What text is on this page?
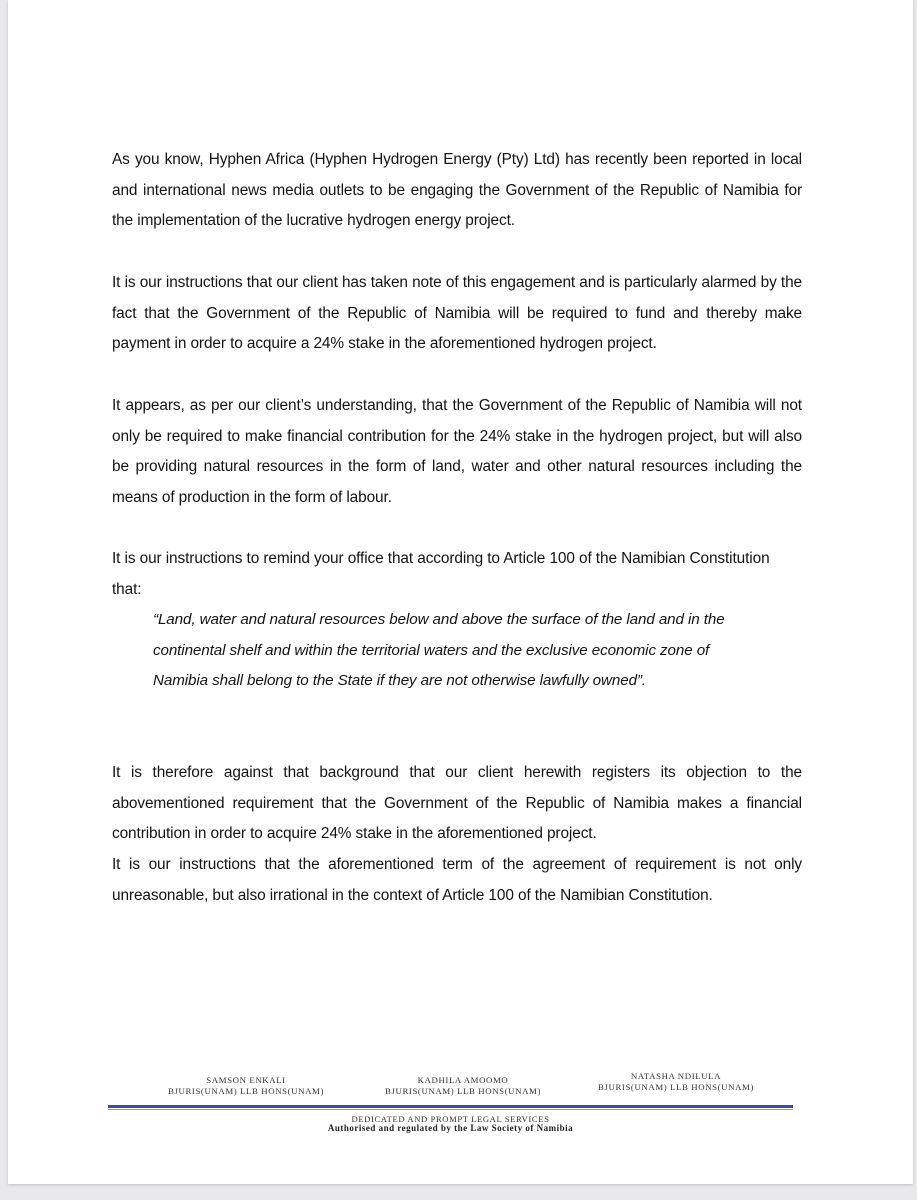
As you know, Hyphen Africa (Hyphen Hydrogen Energy (Pty) Ltd) has recently been reported in local and international news media outlets to be engaging the Government of the Republic of Namibia for the implementation of the lucrative hydrogen energy project.

It is our instructions that our client has taken note of this engagement and is particularly alarmed by the fact that the Government of the Republic of Namibia will be required to fund and thereby make payment in order to acquire a 24% stake in the aforementioned hydrogen project.

It appears, as per our client’s understanding, that the Government of the Republic of Namibia will not only be required to make financial contribution for the 24% stake in the hydrogen project, but will also be providing natural resources in the form of land, water and other natural resources including the means of production in the form of labour.

It is our instructions to remind your office that according to Article 100 of the Namibian Constitution that:

“Land, water and natural resources below and above the surface of the land and in the continental shelf and within the territorial waters and the exclusive economic zone of Namibia shall belong to the State if they are not otherwise lawfully owned”.

It is therefore against that background that our client herewith registers its objection to the abovementioned requirement that the Government of the Republic of Namibia makes a financial contribution in order to acquire 24% stake in the aforementioned project.

It is our instructions that the aforementioned term of the agreement of requirement is not only unreasonable, but also irrational in the context of Article 100 of the Namibian Constitution.

SAMSON ENKALI
BJURIS(UNAM) LLB HONS(UNAM)
KADHILA AMOOMO
BJURIS(UNAM) LLB HONS(UNAM)
NATASHA NDILULA
BJURIS(UNAM) LLB HONS(UNAM)
DEDICATED AND PROMPT LEGAL SERVICES
Authorised and regulated by the Law Society of Namibia
